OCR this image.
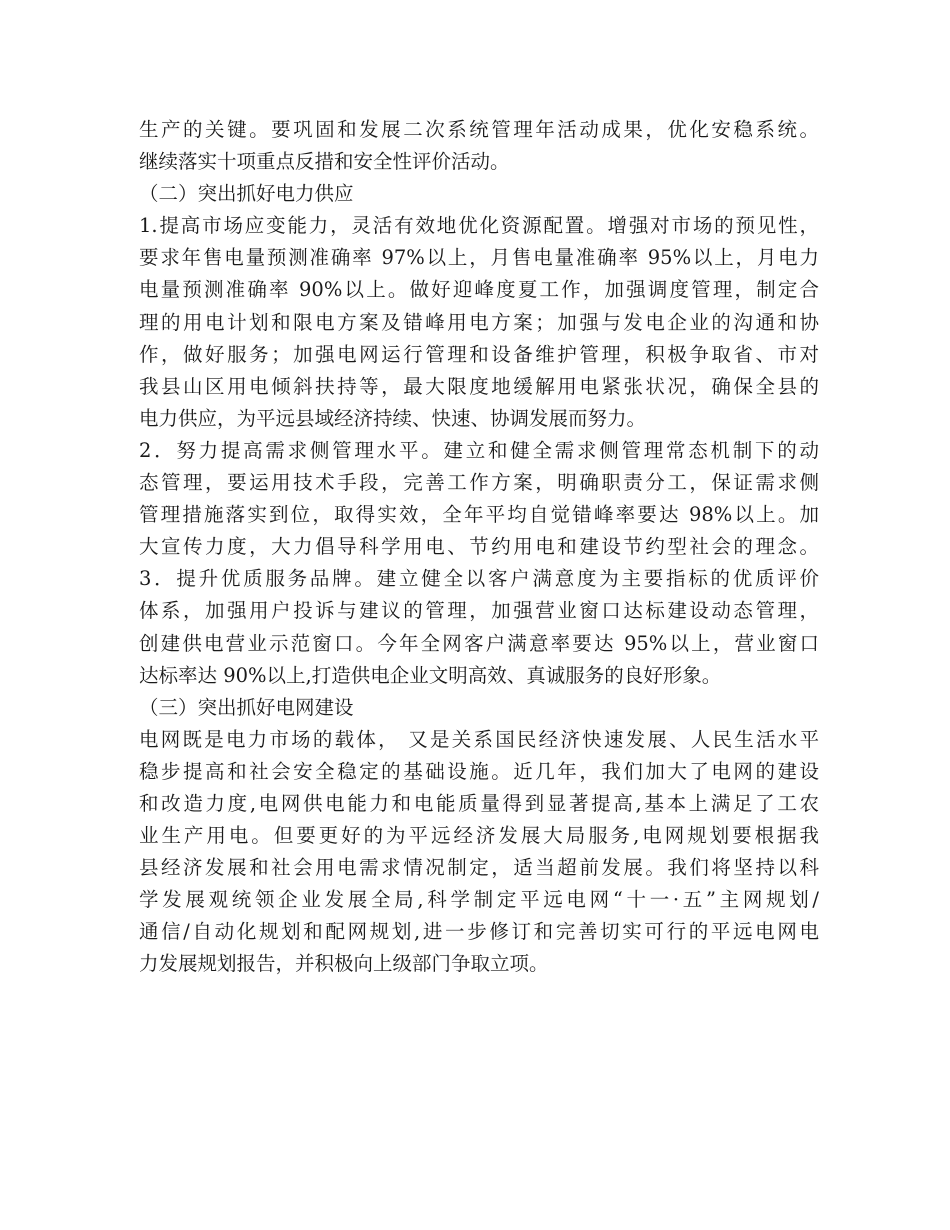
生产的关键。要巩固和发展二次系统管理年活动成果，优化安稳系统。
继续落实十项重点反措和安全性评价活动。
（二）突出抓好电力供应
1.提高市场应变能力，灵活有效地优化资源配置。增强对市场的预见性，
要求年售电量预测准确率 97%以上，月售电量准确率 95%以上，月电力
电量预测准确率 90%以上。做好迎峰度夏工作，加强调度管理，制定合
理的用电计划和限电方案及错峰用电方案；加强与发电企业的沟通和协
作，做好服务；加强电网运行管理和设备维护管理，积极争取省、市对
我县山区用电倾斜扶持等，最大限度地缓解用电紧张状况，确保全县的
电力供应，为平远县域经济持续、快速、协调发展而努力。
2．努力提高需求侧管理水平。建立和健全需求侧管理常态机制下的动
态管理，要运用技术手段，完善工作方案，明确职责分工，保证需求侧
管理措施落实到位，取得实效，全年平均自觉错峰率要达 98%以上。加
大宣传力度，大力倡导科学用电、节约用电和建设节约型社会的理念。
3．提升优质服务品牌。建立健全以客户满意度为主要指标的优质评价
体系，加强用户投诉与建议的管理，加强营业窗口达标建设动态管理，
创建供电营业示范窗口。今年全网客户满意率要达 95%以上，营业窗口
达标率达 90%以上,打造供电企业文明高效、真诚服务的良好形象。
（三）突出抓好电网建设
电网既是电力市场的载体， 又是关系国民经济快速发展、人民生活水平
稳步提高和社会安全稳定的基础设施。近几年，我们加大了电网的建设
和改造力度,电网供电能力和电能质量得到显著提高,基本上满足了工农
业生产用电。但要更好的为平远经济发展大局服务,电网规划要根据我
县经济发展和社会用电需求情况制定，适当超前发展。我们将坚持以科
学发展观统领企业发展全局,科学制定平远电网“十一·五”主网规划/
通信/自动化规划和配网规划,进一步修订和完善切实可行的平远电网电
力发展规划报告，并积极向上级部门争取立项。
